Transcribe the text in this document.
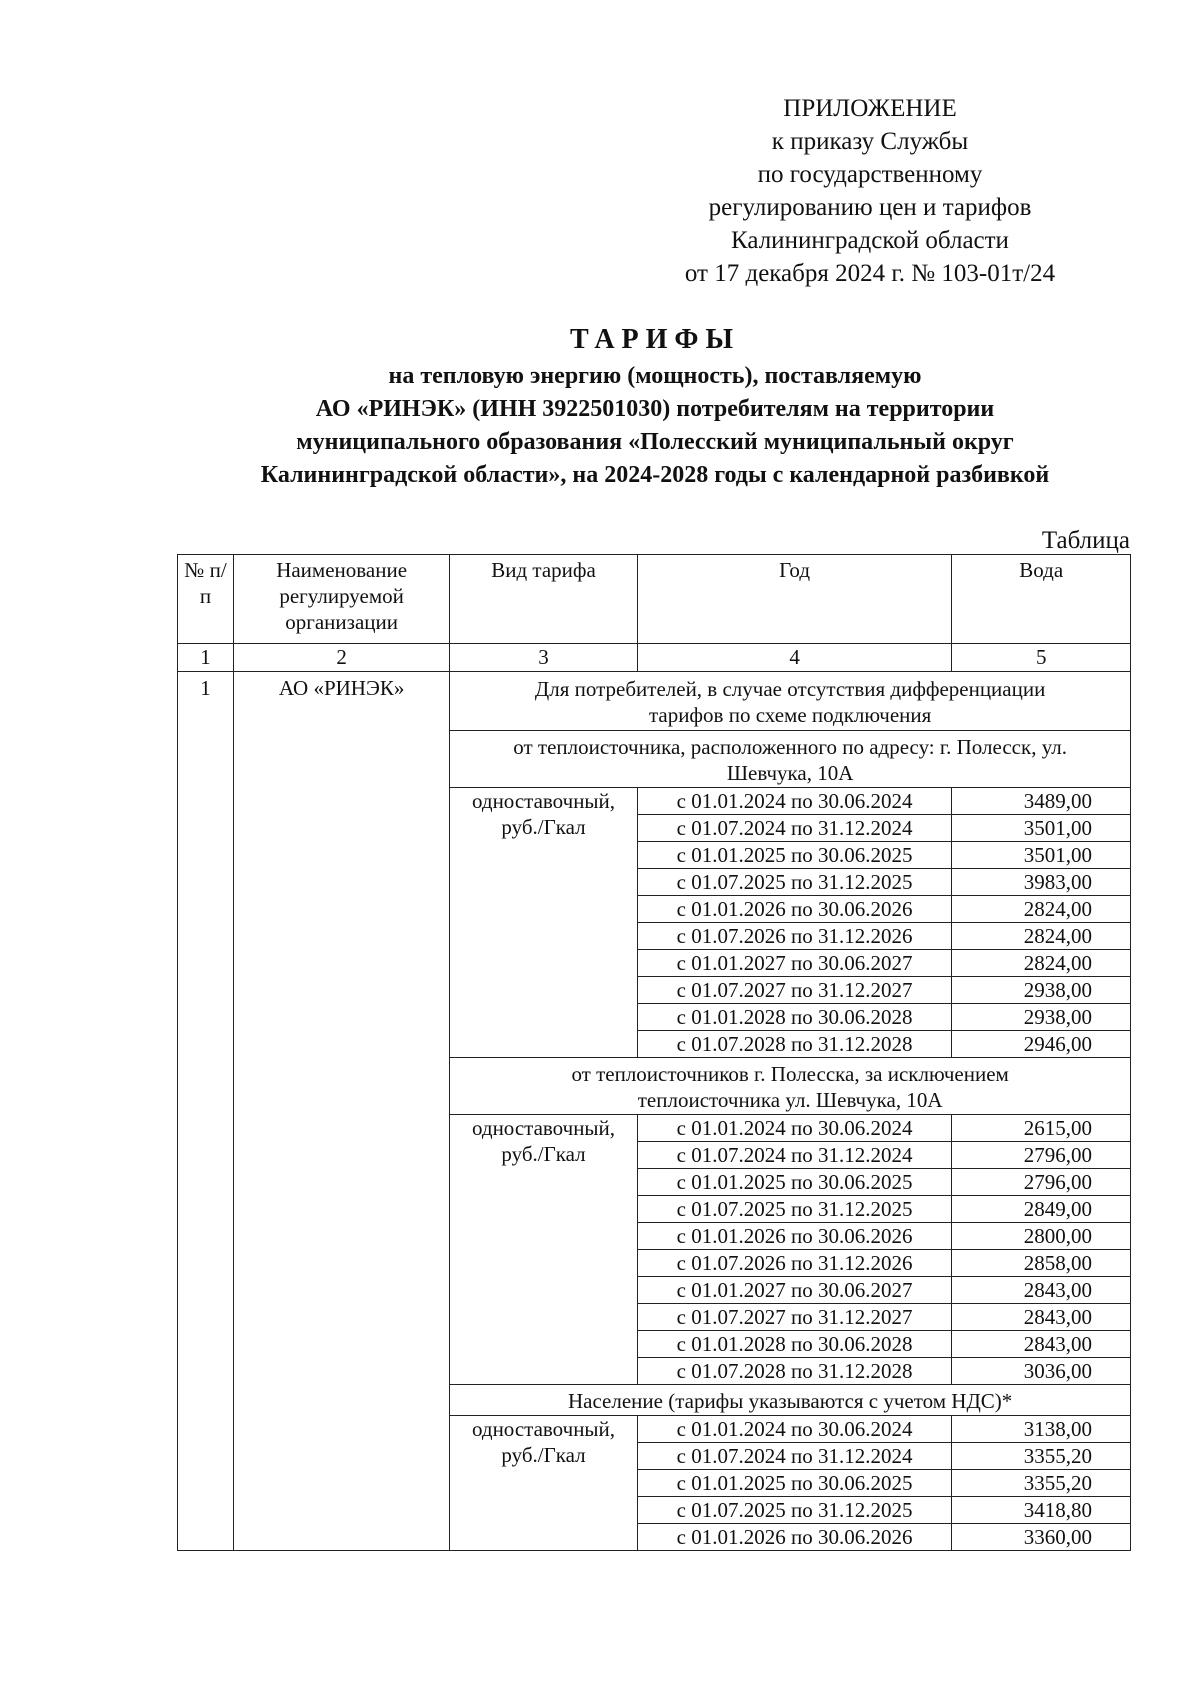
ПРИЛОЖЕНИЕ
к приказу Службы
по государственному
регулированию цен и тарифов
Калининградской области
от 17 декабря 2024 г. № 103-01т/24
ТАРИФЫ
на тепловую энергию (мощность), поставляемую
АО «РИНЭК» (ИНН 3922501030) потребителям на территории
муниципального образования «Полесский муниципальный округ
Калининградской области», на 2024-2028 годы с календарной разбивкой
Таблица
№ п/п	Наименование регулируемой организации	Вид тарифа	Год	Вода
1	2	3	4	5
1	АО «РИНЭК»	Для потребителей, в случае отсутствия дифференциации тарифов по схеме подключения		
		от теплоисточника, расположенного по адресу: г. Полесск, ул. Шевчука, 10А		
		одноставочный, руб./Гкал	с 01.01.2024 по 30.06.2024	3489,00
			с 01.07.2024 по 31.12.2024	3501,00
			с 01.01.2025 по 30.06.2025	3501,00
			с 01.07.2025 по 31.12.2025	3983,00
			с 01.01.2026 по 30.06.2026	2824,00
			с 01.07.2026 по 31.12.2026	2824,00
			с 01.01.2027 по 30.06.2027	2824,00
			с 01.07.2027 по 31.12.2027	2938,00
			с 01.01.2028 по 30.06.2028	2938,00
			с 01.07.2028 по 31.12.2028	2946,00
		от теплоисточников г. Полесска, за исключением теплоисточника ул. Шевчука, 10А		
		одноставочный, руб./Гкал	с 01.01.2024 по 30.06.2024	2615,00
			с 01.07.2024 по 31.12.2024	2796,00
			с 01.01.2025 по 30.06.2025	2796,00
			с 01.07.2025 по 31.12.2025	2849,00
			с 01.01.2026 по 30.06.2026	2800,00
			с 01.07.2026 по 31.12.2026	2858,00
			с 01.01.2027 по 30.06.2027	2843,00
			с 01.07.2027 по 31.12.2027	2843,00
			с 01.01.2028 по 30.06.2028	2843,00
			с 01.07.2028 по 31.12.2028	3036,00
		Население (тарифы указываются с учетом НДС)*		
		одноставочный, руб./Гкал	с 01.01.2024 по 30.06.2024	3138,00
			с 01.07.2024 по 31.12.2024	3355,20
			с 01.01.2025 по 30.06.2025	3355,20
			с 01.07.2025 по 31.12.2025	3418,80
			с 01.01.2026 по 30.06.2026	3360,00
